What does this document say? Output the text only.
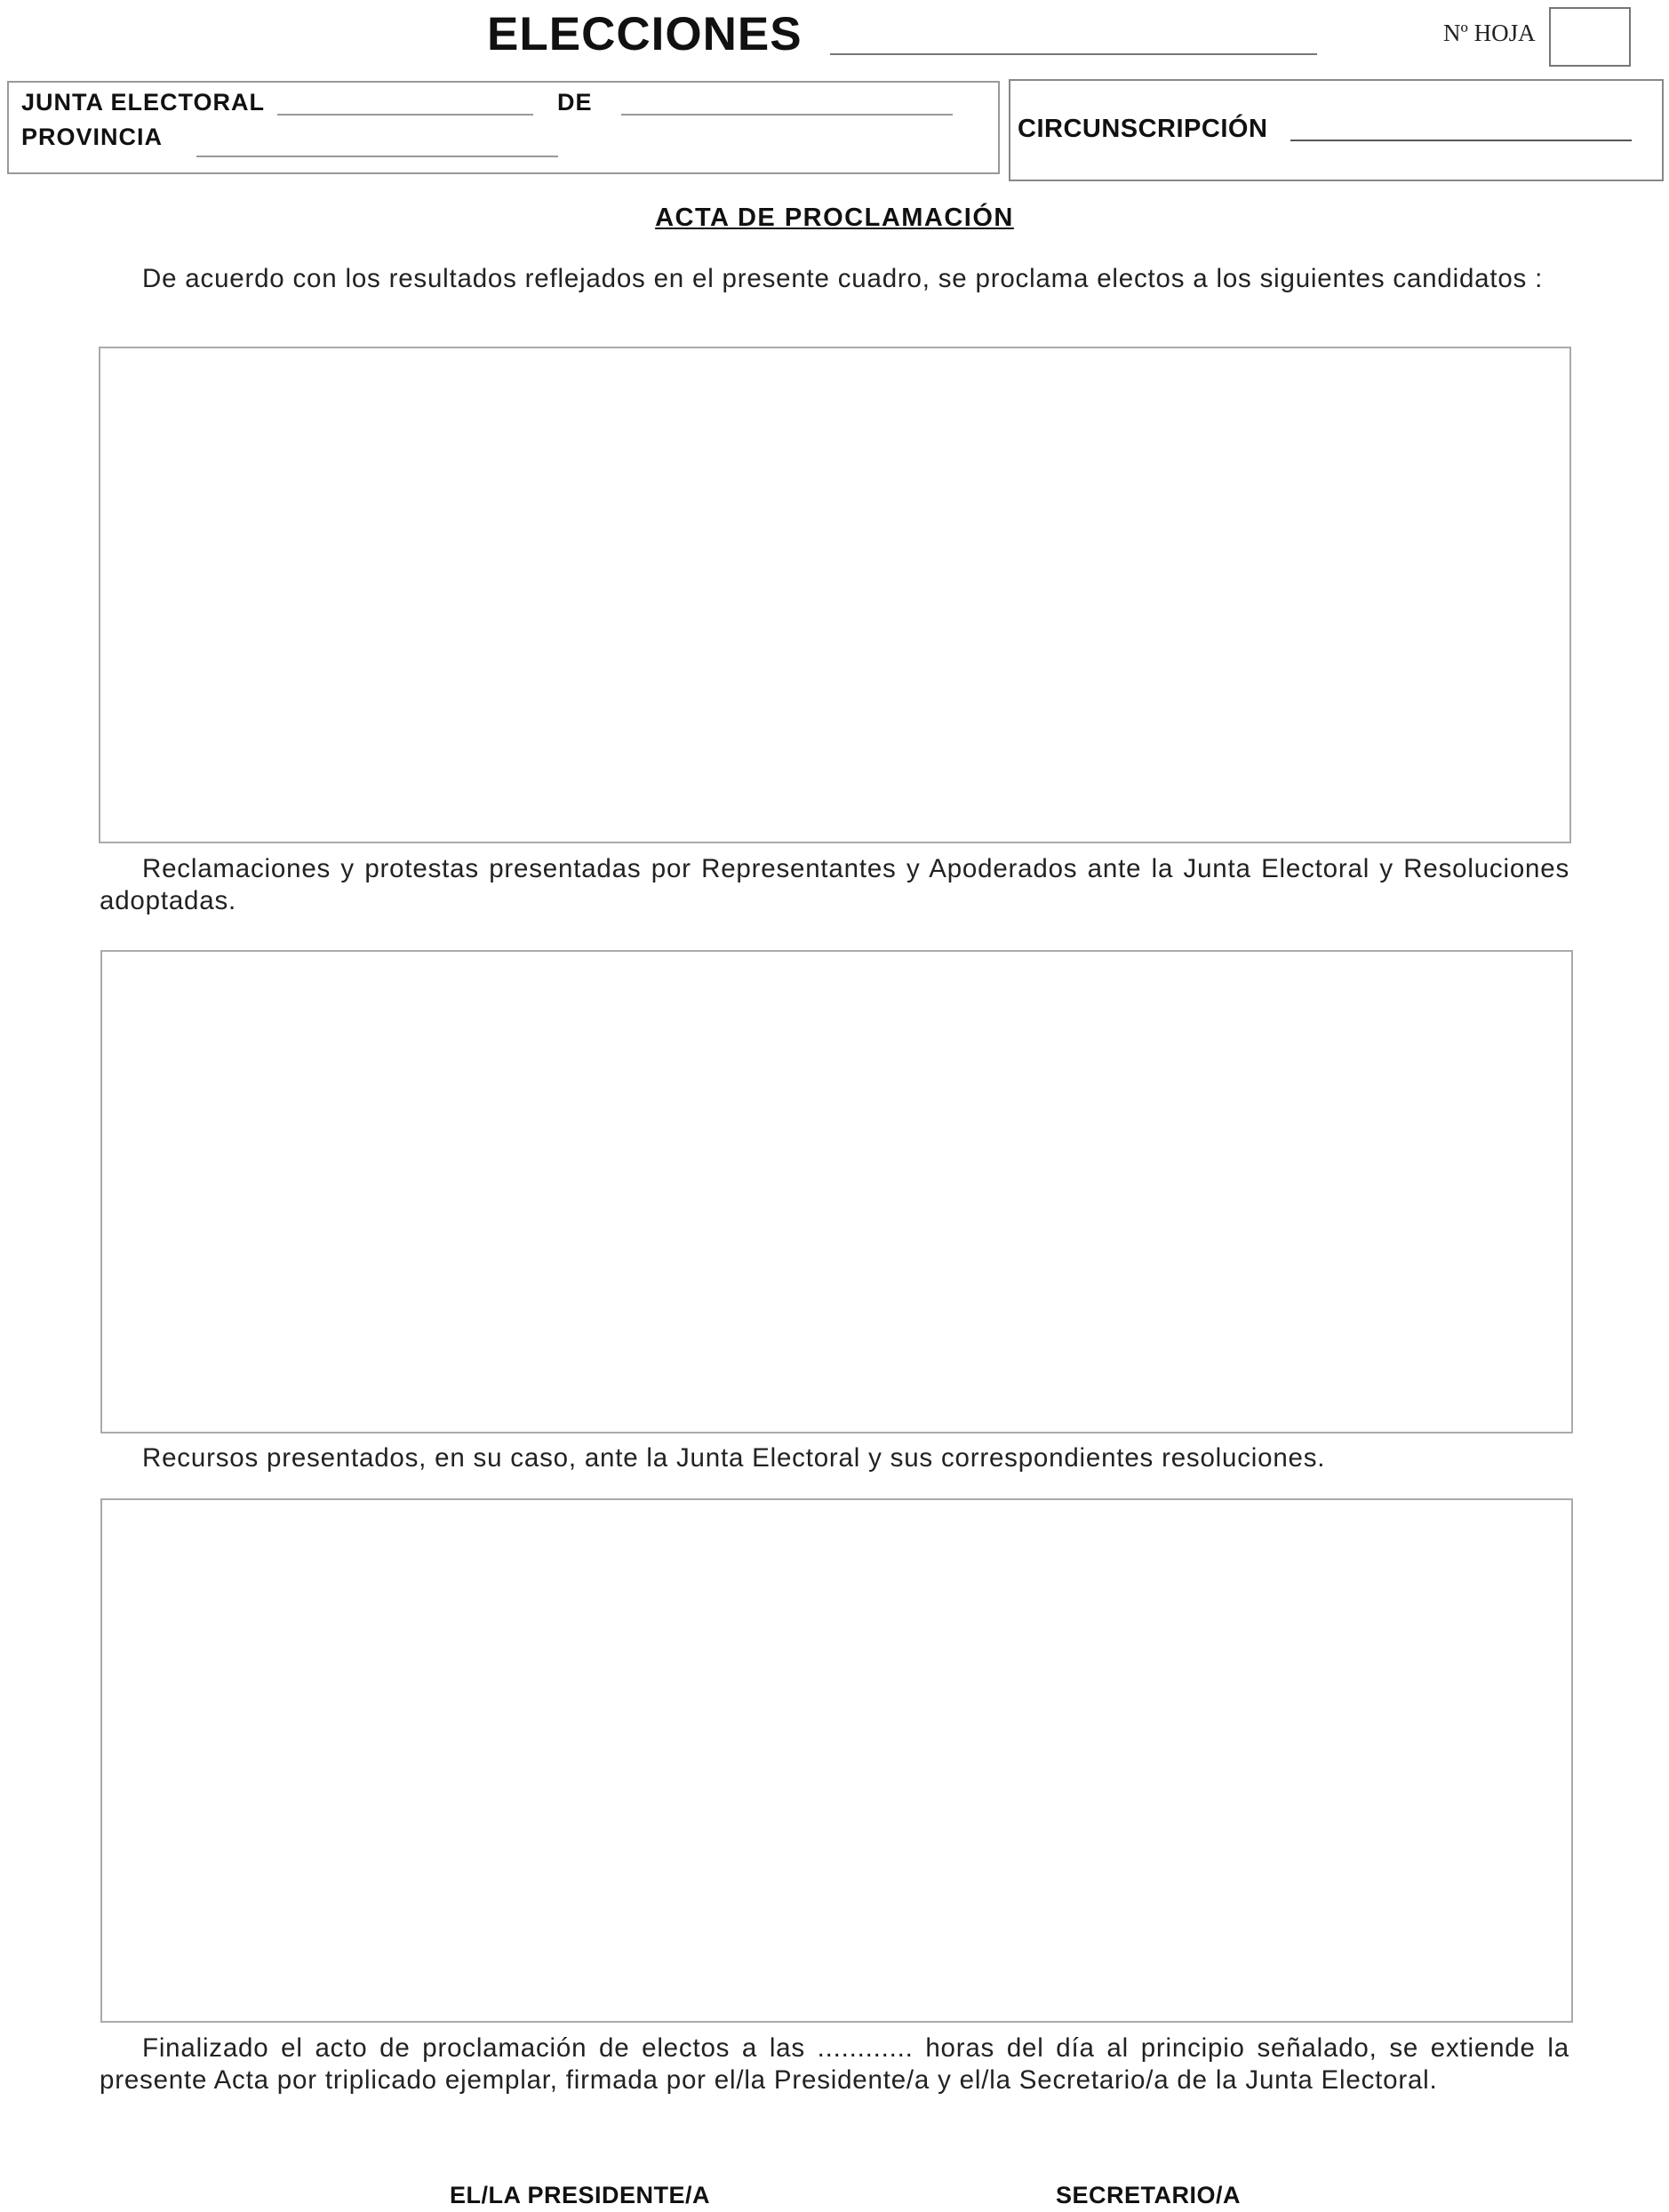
ELECCIONES	Nº HOJA
JUNTA ELECTORAL	DE
PROVINCIA	CIRCUNSCRIPCIÓN
ACTA DE PROCLAMACIÓN
De acuerdo con los resultados reflejados en el presente cuadro, se proclama electos a los siguientes candidatos :
Reclamaciones y protestas presentadas por Representantes y Apoderados ante la Junta Electoral y Resoluciones adoptadas.
Recursos presentados, en su caso, ante la Junta Electoral y sus correspondientes resoluciones.
Finalizado el acto de proclamación de electos a las ............ horas del día al principio señalado, se extiende la presente Acta por triplicado ejemplar, firmada por el/la Presidente/a y el/la Secretario/a de la Junta Electoral.
EL/LA PRESIDENTE/A	SECRETARIO/A
